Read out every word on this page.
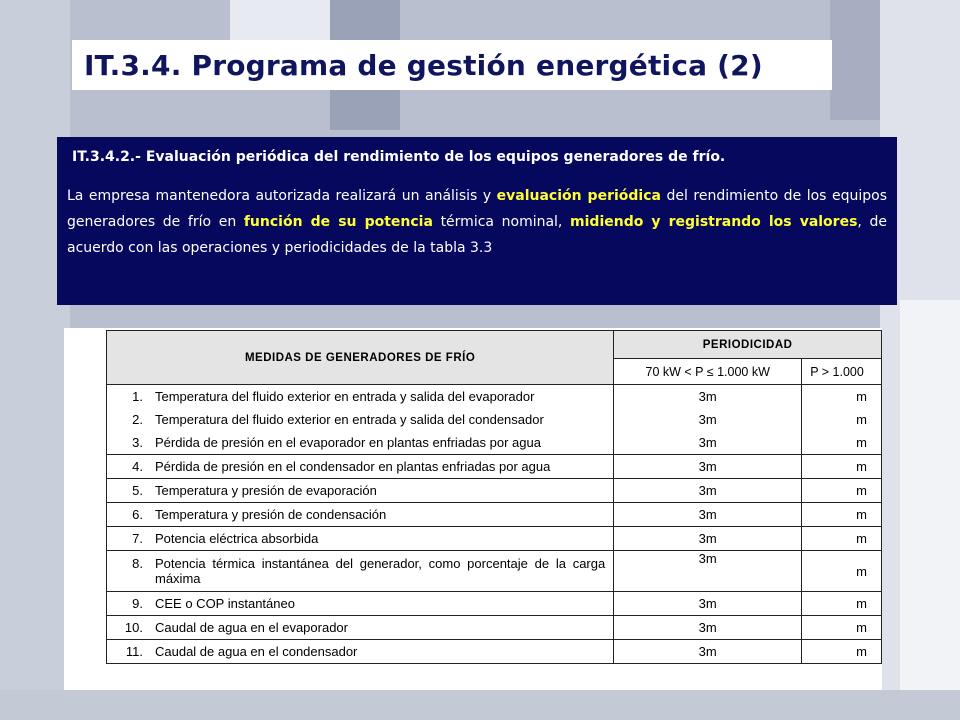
IT.3.4. Programa de gestión energética (2)
IT.3.4.2.- Evaluación periódica del rendimiento de los equipos generadores de frío.
La empresa mantenedora autorizada realizará un análisis y evaluación periódica del rendimiento de los equipos generadores de frío en función de su potencia térmica nominal, midiendo y registrando los valores, de acuerdo con las operaciones y periodicidades de la tabla 3.3
MEDIDAS DE GENERADORES DE FRÍO	PERIODICIDAD	
	70 kW < P ≤ 1.000 kW	P > 1.000

1. Temperatura del fluido exterior en entrada y salida del evaporador	3m	m

2. Temperatura del fluido exterior en entrada y salida del condensador	3m	m

3. Pérdida de presión en el evaporador en plantas enfriadas por agua	3m	m

4. Pérdida de presión en el condensador en plantas enfriadas por agua	3m	m

5. Temperatura y presión de evaporación	3m	m

6. Temperatura y presión de condensación	3m	m

7. Potencia eléctrica absorbida	3m	m

8. Potencia térmica instantánea del generador, como porcentaje de la carga máxima	3m	m

9. CEE o COP instantáneo	3m	m

10. Caudal de agua en el evaporador	3m	m

11. Caudal de agua en el condensador	3m	m
